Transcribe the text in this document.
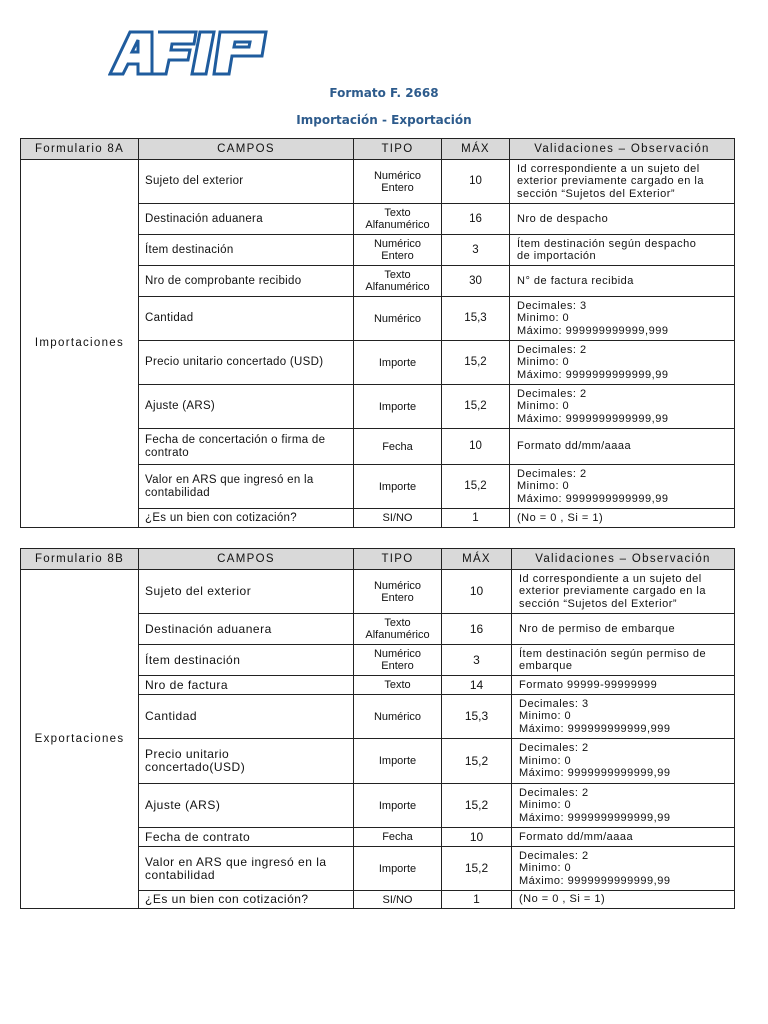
Formato F. 2668
Importación - Exportación
Formulario 8A	CAMPOS	TIPO	MÁX	Validaciones – Observación
Importaciones	Sujeto del exterior	Numérico
Entero	10	Id correspondiente a un sujeto del
exterior previamente cargado en la
sección “Sujetos del Exterior”
	Destinación aduanera	Texto
Alfanumérico	16	Nro de despacho
	Ítem destinación	Numérico
Entero	3	Ítem destinación según despacho
de importación
	Nro de comprobante recibido	Texto
Alfanumérico	30	N° de factura recibida
	Cantidad	Numérico	15,3	Decimales: 3
Minimo: 0
Máximo: 999999999999,999
	Precio unitario concertado (USD)	Importe	15,2	Decimales: 2
Minimo: 0
Máximo: 9999999999999,99
	Ajuste (ARS)	Importe	15,2	Decimales: 2
Minimo: 0
Máximo: 9999999999999,99
	Fecha de concertación o firma de
contrato	Fecha	10	Formato dd/mm/aaaa
	Valor en ARS que ingresó en la
contabilidad	Importe	15,2	Decimales: 2
Minimo: 0
Máximo: 9999999999999,99
	¿Es un bien con cotización?	SI/NO	1	(No = 0 , Si = 1)
Formulario 8B	CAMPOS	TIPO	MÁX	Validaciones – Observación
Exportaciones	Sujeto del exterior	Numérico
Entero	10	Id correspondiente a un sujeto del
exterior previamente cargado en la
sección “Sujetos del Exterior”
	Destinación aduanera	Texto
Alfanumérico	16	Nro de permiso de embarque
	Ítem destinación	Numérico
Entero	3	Ítem destinación según permiso de
embarque
	Nro de factura	Texto	14	Formato 99999-99999999
	Cantidad	Numérico	15,3	Decimales: 3
Minimo: 0
Máximo: 999999999999,999
	Precio unitario
concertado(USD)	Importe	15,2	Decimales: 2
Minimo: 0
Máximo: 9999999999999,99
	Ajuste (ARS)	Importe	15,2	Decimales: 2
Minimo: 0
Máximo: 9999999999999,99
	Fecha de contrato	Fecha	10	Formato dd/mm/aaaa
	Valor en ARS que ingresó en la
contabilidad	Importe	15,2	Decimales: 2
Minimo: 0
Máximo: 9999999999999,99
	¿Es un bien con cotización?	SI/NO	1	(No = 0 , Si = 1)
